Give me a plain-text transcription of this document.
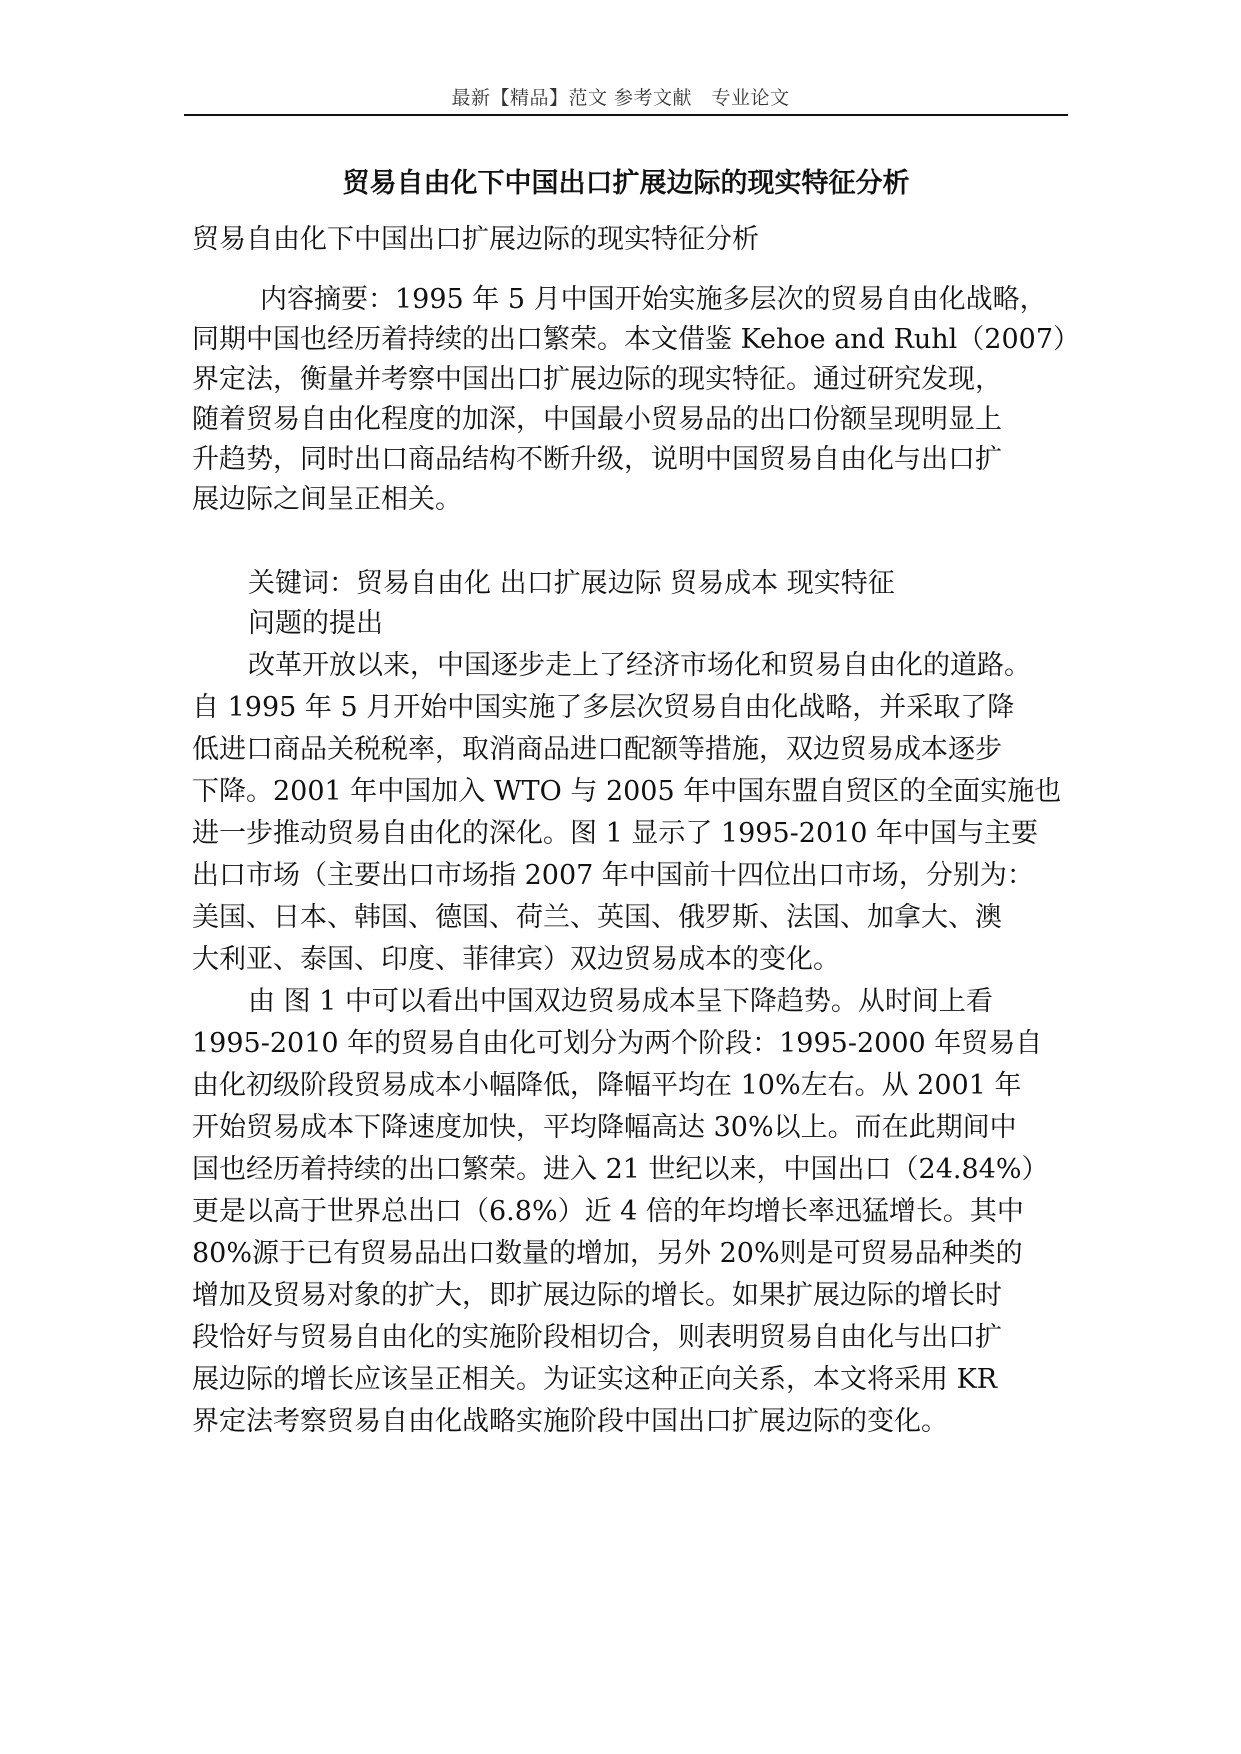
最新【精品】范文 参考文献　专业论文
贸易自由化下中国出口扩展边际的现实特征分析
贸易自由化下中国出口扩展边际的现实特征分析
内容摘要：1995 年 5 月中国开始实施多层次的贸易自由化战略，
同期中国也经历着持续的出口繁荣。本文借鉴 Kehoe and Ruhl（2007）
界定法，衡量并考察中国出口扩展边际的现实特征。通过研究发现，
随着贸易自由化程度的加深，中国最小贸易品的出口份额呈现明显上
升趋势，同时出口商品结构不断升级，说明中国贸易自由化与出口扩
展边际之间呈正相关。
关键词：贸易自由化 出口扩展边际 贸易成本 现实特征
问题的提出
改革开放以来，中国逐步走上了经济市场化和贸易自由化的道路。
自 1995 年 5 月开始中国实施了多层次贸易自由化战略，并采取了降
低进口商品关税税率，取消商品进口配额等措施，双边贸易成本逐步
下降。2001 年中国加入 WTO 与 2005 年中国东盟自贸区的全面实施也
进一步推动贸易自由化的深化。图 1 显示了 1995-2010 年中国与主要
出口市场（主要出口市场指 2007 年中国前十四位出口市场，分别为：
美国、日本、韩国、德国、荷兰、英国、俄罗斯、法国、加拿大、澳
大利亚、泰国、印度、菲律宾）双边贸易成本的变化。
由 图 1 中可以看出中国双边贸易成本呈下降趋势。从时间上看
1995-2010 年的贸易自由化可划分为两个阶段：1995-2000 年贸易自
由化初级阶段贸易成本小幅降低，降幅平均在 10%左右。从 2001 年
开始贸易成本下降速度加快，平均降幅高达 30%以上。而在此期间中
国也经历着持续的出口繁荣。进入 21 世纪以来，中国出口（24.84%）
更是以高于世界总出口（6.8%）近 4 倍的年均增长率迅猛增长。其中
80%源于已有贸易品出口数量的增加，另外 20%则是可贸易品种类的
增加及贸易对象的扩大，即扩展边际的增长。如果扩展边际的增长时
段恰好与贸易自由化的实施阶段相切合，则表明贸易自由化与出口扩
展边际的增长应该呈正相关。为证实这种正向关系，本文将采用 KR
界定法考察贸易自由化战略实施阶段中国出口扩展边际的变化。
